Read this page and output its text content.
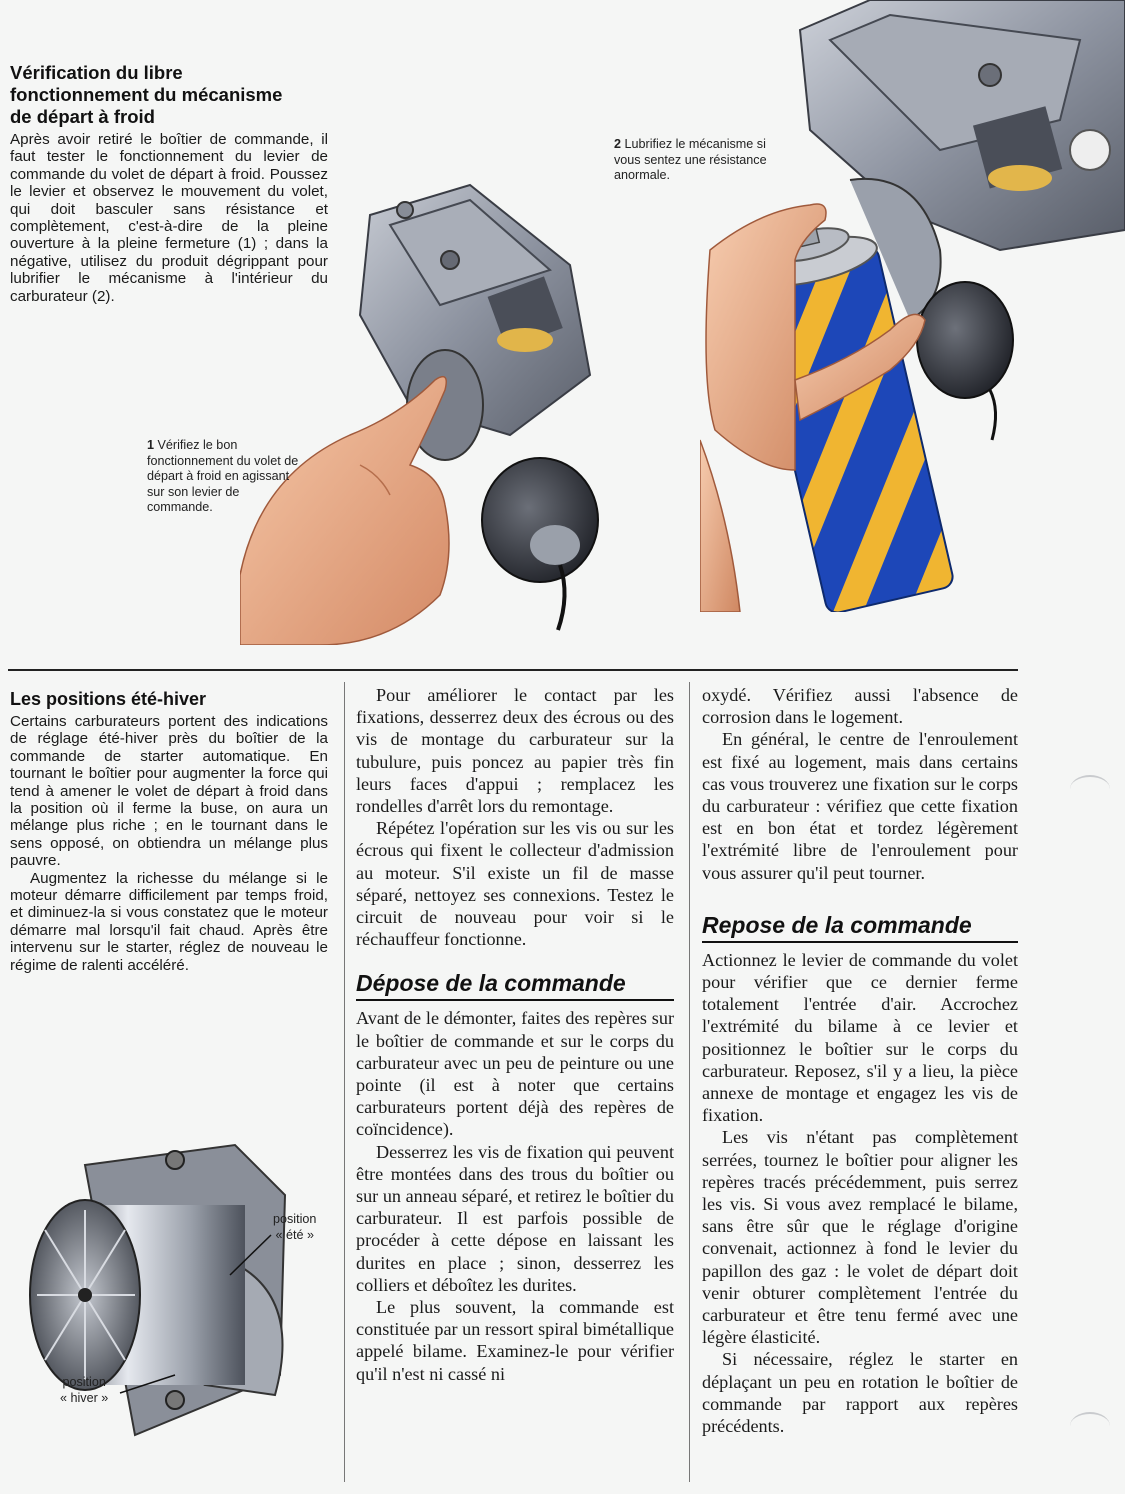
Vérification du libre
fonctionnement du mécanisme
de départ à froid

Après avoir retiré le boîtier de commande, il faut tester le fonctionnement du levier de commande du volet de départ à froid. Poussez le levier et observez le mouvement du volet, qui doit basculer sans résistance et complètement, c'est-à-dire de la pleine ouverture à la pleine fermeture (1) ; dans la négative, utilisez du produit dégrippant pour lubrifier le mécanisme à l'intérieur du carburateur (2).

1 Vérifiez le bon fonctionnement du volet de départ à froid en agissant sur son levier de commande.
2 Lubrifiez le mécanisme si vous sentez une résistance anormale.
Les positions été-hiver

Certains carburateurs portent des indications de réglage été-hiver près du boîtier de la commande de starter automatique. En tournant le boîtier pour augmenter la force qui tend à amener le volet de départ à froid dans la position où il ferme la buse, on aura un mélange plus riche ; en le tournant dans le sens opposé, on obtiendra un mélange plus pauvre.

Augmentez la richesse du mélange si le moteur démarre difficilement par temps froid, et diminuez-la si vous constatez que le moteur démarre mal lorsqu'il fait chaud. Après être intervenu sur le starter, réglez de nouveau le régime de ralenti accéléré.

position
« été »
position
« hiver »

Pour améliorer le contact par les fixations, desserrez deux des écrous ou des vis de montage du carburateur sur la tubulure, puis poncez au papier très fin leurs faces d'appui ; remplacez les rondelles d'arrêt lors du remontage.

Répétez l'opération sur les vis ou sur les écrous qui fixent le collecteur d'admission au moteur. S'il existe un fil de masse séparé, nettoyez ses connexions. Testez le circuit de nouveau pour voir si le réchauffeur fonctionne.

Dépose de la commande

Avant de le démonter, faites des repères sur le boîtier de commande et sur le corps du carburateur avec un peu de peinture ou une pointe (il est à noter que certains carburateurs portent déjà des repères de coïncidence).

Desserrez les vis de fixation qui peuvent être montées dans des trous du boîtier ou sur un anneau séparé, et retirez le boîtier du carburateur. Il est parfois possible de procéder à cette dépose en laissant les durites en place ; sinon, desserrez les colliers et déboîtez les durites.

Le plus souvent, la commande est constituée par un ressort spiral bimétallique appelé bilame. Examinez-le pour vérifier qu'il n'est ni cassé ni

oxydé. Vérifiez aussi l'absence de corrosion dans le logement.

En général, le centre de l'enroulement est fixé au logement, mais dans certains cas vous trouverez une fixation sur le corps du carburateur : vérifiez que cette fixation est en bon état et tordez légèrement l'extrémité libre de l'enroulement pour vous assurer qu'il peut tourner.

Repose de la commande

Actionnez le levier de commande du volet pour vérifier que ce dernier ferme totalement l'entrée d'air. Accrochez l'extrémité du bilame à ce levier et positionnez le boîtier sur le corps du carburateur. Reposez, s'il y a lieu, la pièce annexe de montage et engagez les vis de fixation.

Les vis n'étant pas complètement serrées, tournez le boîtier pour aligner les repères tracés précédemment, puis serrez les vis. Si vous avez remplacé le bilame, sans être sûr que le réglage d'origine convenait, actionnez à fond le levier du papillon des gaz : le volet de départ doit venir obturer complètement l'entrée du carburateur et être tenu fermé avec une légère élasticité.

Si nécessaire, réglez le starter en déplaçant un peu en rotation le boîtier de commande par rapport aux repères précédents.
